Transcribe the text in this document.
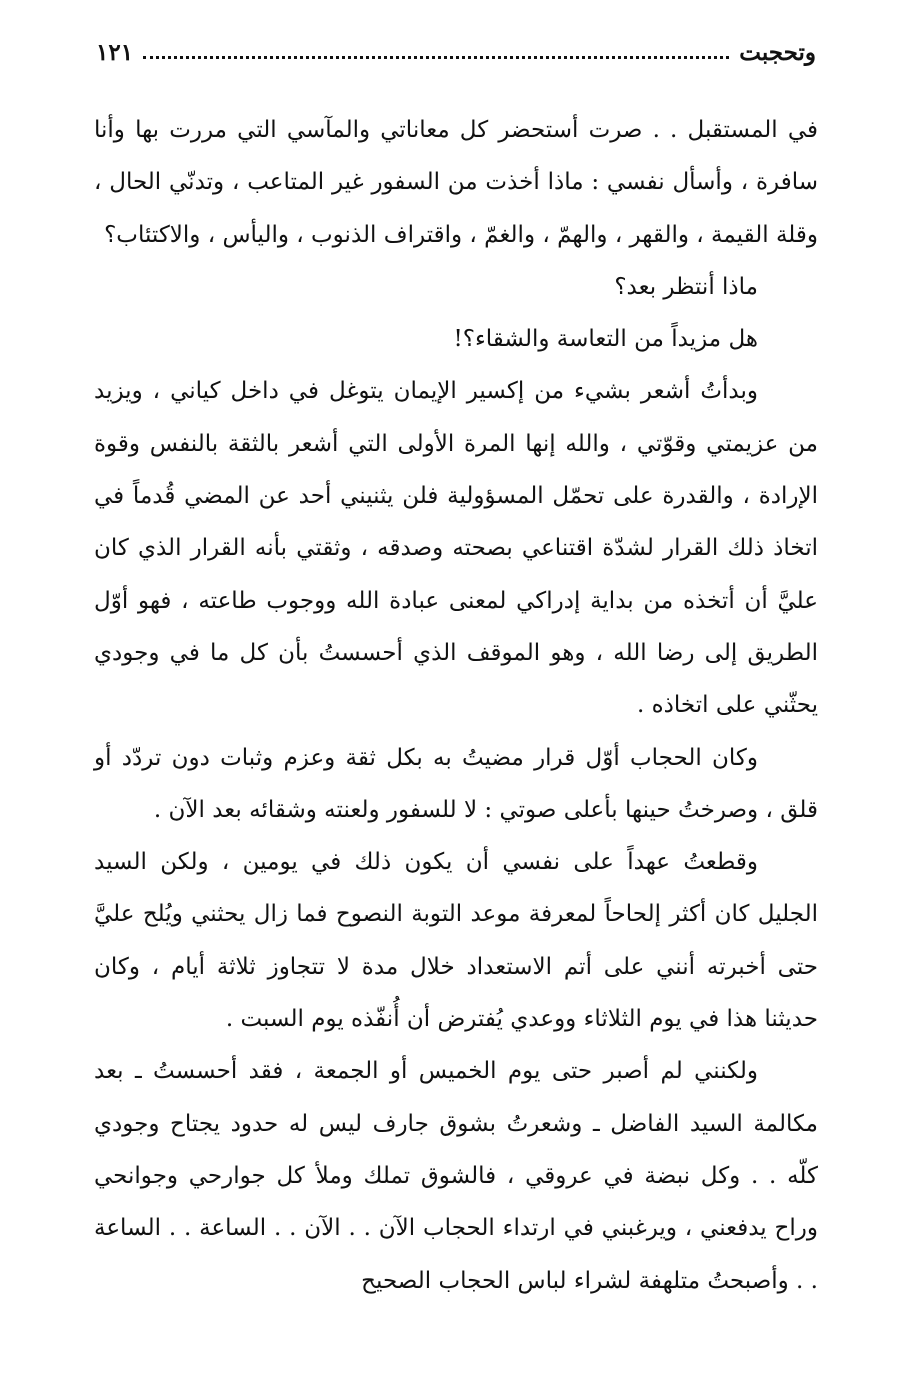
وتحجبت
١٢١

في المستقبل . . صرت أستحضر كل معاناتي والمآسي التي مررت بها وأنا سافرة ، وأسأل نفسي : ماذا أخذت من السفور غير المتاعب ، وتدنّي الحال ، وقلة القيمة ، والقهر ، والهمّ ، والغمّ ، واقتراف الذنوب ، واليأس ، والاكتئاب؟

ماذا أنتظر بعد؟

هل مزيداً من التعاسة والشقاء؟!

وبدأتُ أشعر بشيء من إكسير الإيمان يتوغل في داخل كياني ، ويزيد من عزيمتي وقوّتي ، والله إنها المرة الأولى التي أشعر بالثقة بالنفس وقوة الإرادة ، والقدرة على تحمّل المسؤولية فلن يثنيني أحد عن المضي قُدماً في اتخاذ ذلك القرار لشدّة اقتناعي بصحته وصدقه ، وثقتي بأنه القرار الذي كان عليَّ أن أتخذه من بداية إدراكي لمعنى عبادة الله ووجوب طاعته ، فهو أوّل الطريق إلى رضا الله ، وهو الموقف الذي أحسستُ بأن كل ما في وجودي يحثّني على اتخاذه .

وكان الحجاب أوّل قرار مضيتُ به بكل ثقة وعزم وثبات دون تردّد أو قلق ، وصرختُ حينها بأعلى صوتي : لا للسفور ولعنته وشقائه بعد الآن .

وقطعتُ عهداً على نفسي أن يكون ذلك في يومين ، ولكن السيد الجليل كان أكثر إلحاحاً لمعرفة موعد التوبة النصوح فما زال يحثني ويُلح عليَّ حتى أخبرته أنني على أتم الاستعداد خلال مدة لا تتجاوز ثلاثة أيام ، وكان حديثنا هذا في يوم الثلاثاء ووعدي يُفترض أن أُنفّذه يوم السبت .

ولكنني لم أصبر حتى يوم الخميس أو الجمعة ، فقد أحسستُ ـ بعد مكالمة السيد الفاضل ـ وشعرتُ بشوق جارف ليس له حدود يجتاح وجودي كلّه . . وكل نبضة في عروقي ، فالشوق تملك وملأ كل جوارحي وجوانحي وراح يدفعني ، ويرغبني في ارتداء الحجاب الآن . . الآن . . الساعة . . الساعة . . وأصبحتُ متلهفة لشراء لباس الحجاب الصحيح
